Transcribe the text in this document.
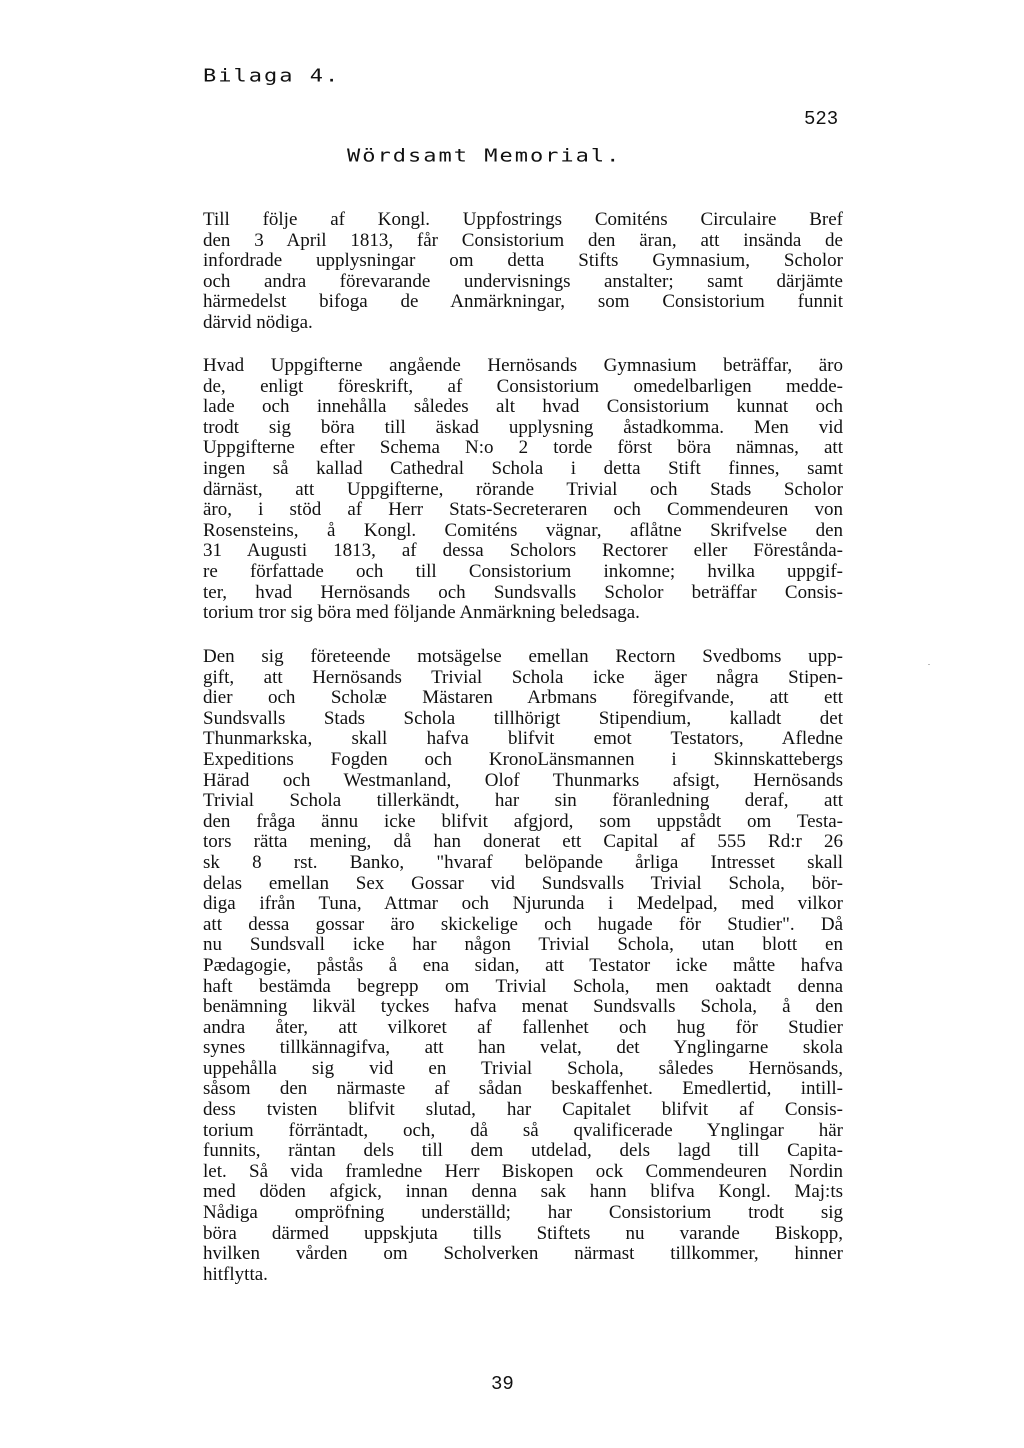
Bilaga 4.
523
Wördsamt Memorial.
Till följe af Kongl. Uppfostrings Comiténs Circulaire Bref
den 3 April 1813, får Consistorium den äran, att insända de
infordrade upplysningar om detta Stifts Gymnasium, Scholor
och andra förevarande undervisnings anstalter; samt därjämte
härmedelst bifoga de Anmärkningar, som Consistorium funnit
därvid nödiga.
Hvad Uppgifterne angående Hernösands Gymnasium beträffar, äro
de, enligt föreskrift, af Consistorium omedelbarligen medde-
lade och innehålla således alt hvad Consistorium kunnat och
trodt sig böra till äskad upplysning åstadkomma. Men vid
Uppgifterne efter Schema N:o 2 torde först böra nämnas, att
ingen så kallad Cathedral Schola i detta Stift finnes, samt
därnäst, att Uppgifterne, rörande Trivial och Stads Scholor
äro, i stöd af Herr Stats-Secreteraren och Commendeuren von
Rosensteins, å Kongl. Comiténs vägnar, aflåtne Skrifvelse den
31 Augusti 1813, af dessa Scholors Rectorer eller Förestånda-
re författade och till Consistorium inkomne; hvilka uppgif-
ter, hvad Hernösands och Sundsvalls Scholor beträffar Consis-
torium tror sig böra med följande Anmärkning beledsaga.
Den sig företeende motsägelse emellan Rectorn Svedboms upp-
gift, att Hernösands Trivial Schola icke äger några Stipen-
dier och Scholæ Mästaren Arbmans föregifvande, att ett
Sundsvalls Stads Schola tillhörigt Stipendium, kalladt det
Thunmarkska, skall hafva blifvit emot Testators, Afledne
Expeditions Fogden och KronoLänsmannen i Skinnskattebergs
Härad och Westmanland, Olof Thunmarks afsigt, Hernösands
Trivial Schola tillerkändt, har sin föranledning deraf, att
den fråga ännu icke blifvit afgjord, som uppstådt om Testa-
tors rätta mening, då han donerat ett Capital af 555 Rd:r 26
sk 8 rst. Banko, "hvaraf belöpande årliga Intresset skall
delas emellan Sex Gossar vid Sundsvalls Trivial Schola, bör-
diga ifrån Tuna, Attmar och Njurunda i Medelpad, med vilkor
att dessa gossar äro skickelige och hugade för Studier". Då
nu Sundsvall icke har någon Trivial Schola, utan blott en
Pædagogie, påstås å ena sidan, att Testator icke måtte hafva
haft bestämda begrepp om Trivial Schola, men oaktadt denna
benämning likväl tyckes hafva menat Sundsvalls Schola, å den
andra åter, att vilkoret af fallenhet och hug för Studier
synes tillkännagifva, att han velat, det Ynglingarne skola
uppehålla sig vid en Trivial Schola, således Hernösands,
såsom den närmaste af sådan beskaffenhet. Emedlertid, intill-
dess tvisten blifvit slutad, har Capitalet blifvit af Consis-
torium förräntadt, och, då så qvalificerade Ynglingar här
funnits, räntan dels till dem utdelad, dels lagd till Capita-
let. Så vida framledne Herr Biskopen ock Commendeuren Nordin
med döden afgick, innan denna sak hann blifva Kongl. Maj:ts
Nådiga ompröfning underställd; har Consistorium trodt sig
böra därmed uppskjuta tills Stiftets nu varande Biskopp,
hvilken vården om Scholverken närmast tillkommer, hinner
hitflytta.
39
